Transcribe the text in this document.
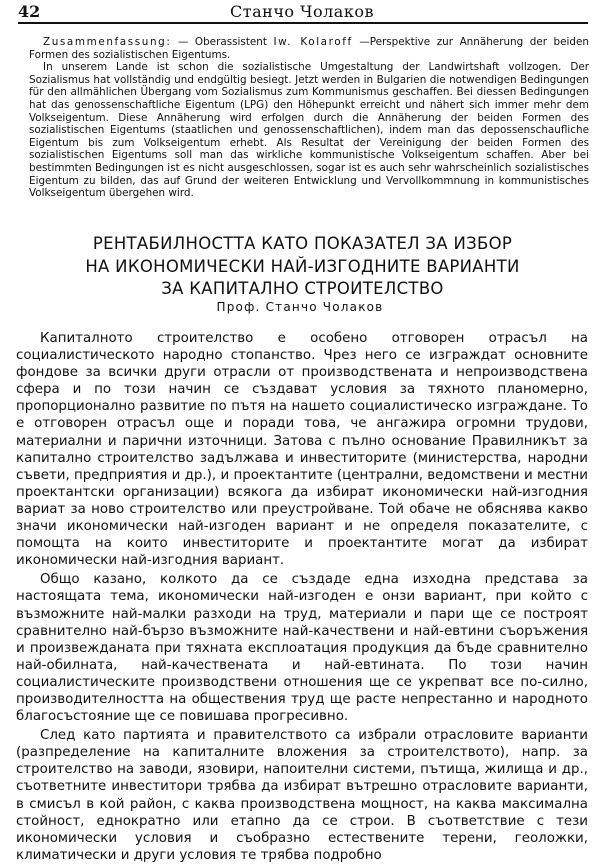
42	Станчо Чолаков

Zusammenfassung: — Oberassistent Iw. Kolaroff —Perspektive zur Annäherung der beiden Formen des sozialistischen Eigentums.

In unserem Lande ist schon die sozialistische Umgestaltung der Landwirtshaft vollzogen. Der Sozialismus hat vollständig und endgültig besiegt. Jetzt werden in Bulgarien die notwendigen Bedingungen für den allmählichen Übergang vom Sozialismus zum Kommunismus geschaffen. Bei diessen Bedingungen hat das genossenschaftliche Eigentum (LPG) den Höhepunkt erreicht und nähert sich immer mehr dem Volkseigentum. Diese Annäherung wird erfolgen durch die Annäherung der beiden Formen des sozialistischen Eigentums (staatlichen und genossenschaftlichen), indem man das depossenschaufliche Eigentum bis zum Volkseigentum erhebt. Als Resultat der Vereinigung der beiden Formen des sozialistischen Eigentums soll man das wirkliche kommunistische Volkseigentum schaffen. Aber bei bestimmten Bedingungen ist es nicht ausgeschlossen, sogar ist es auch sehr wahrscheinlich sozialistisches Eigentum zu bilden, das auf Grund der weiteren Entwicklung und Vervollkommnung in kommunistisches Volkseigentum übergehen wird.

РЕНТАБИЛНОСТТА КАТО ПОКАЗАТЕЛ ЗА ИЗБОР
НА ИКОНОМИЧЕСКИ НАЙ-ИЗГОДНИТЕ ВАРИАНТИ
ЗА КАПИТАЛНО СТРОИТЕЛСТВО
Проф. Станчо Чолаков

Капиталното строителство е особено отговорен отрасъл на социалистическото народно стопанство. Чрез него се изграждат основните фондове за всички други отрасли от производствената и непроизводствена сфера и по този начин се създават условия за тяхното планомерно, пропорционално развитие по пътя на нашето социалистическо изграждане. То е отговорен отрасъл още и поради това, че ангажира огромни трудови, материални и парични източници. Затова с пълно основание Правилникът за капитално строителство задължава и инвеститорите (министерства, народни съвети, предприятия и др.), и проектантите (централни, ведомствени и местни проектантски организации) всякога да избират икономически най-изгодния вариат за ново строителство или преустройване. Той обаче не обяснява какво значи икономически най-изгоден вариант и не определя показателите, с помощта на които инвеститорите и проектантите могат да избират икономически най-изгодния вариант.

Общо казано, колкото да се създаде една изходна представа за настоящата тема, икономически най-изгоден е онзи вариант, при който с възможните най-малки разходи на труд, материали и пари ще се построят сравнително най-бързо възможните най-качествени и най-евтини съоръжения и произвежданата при тяхната експлоатация продукция да бъде сравнително най-обилната, най-качествената и най-евтината. По този начин социалистическите производствени отношения ще се укрепват все по-силно, производителността на обществения труд ще расте непрестанно и народното благосъстояние ще се повишава прогресивно.

След като партията и правителството са избрали отрасловите варианти (разпределение на капиталните вложения за строителството), напр. за строителство на заводи, язовири, напоителни системи, пътища, жилища и др., съответните инвеститори трябва да избират вътрешно отрасловите варианти, в смисъл в кой район, с каква производствена мощност, на каква максимална стойност, еднократно или етапно да се строи. В съответствие с тези икономически условия и съобразно естествените терени, геоложки, климатически и други условия те трябва подробно
